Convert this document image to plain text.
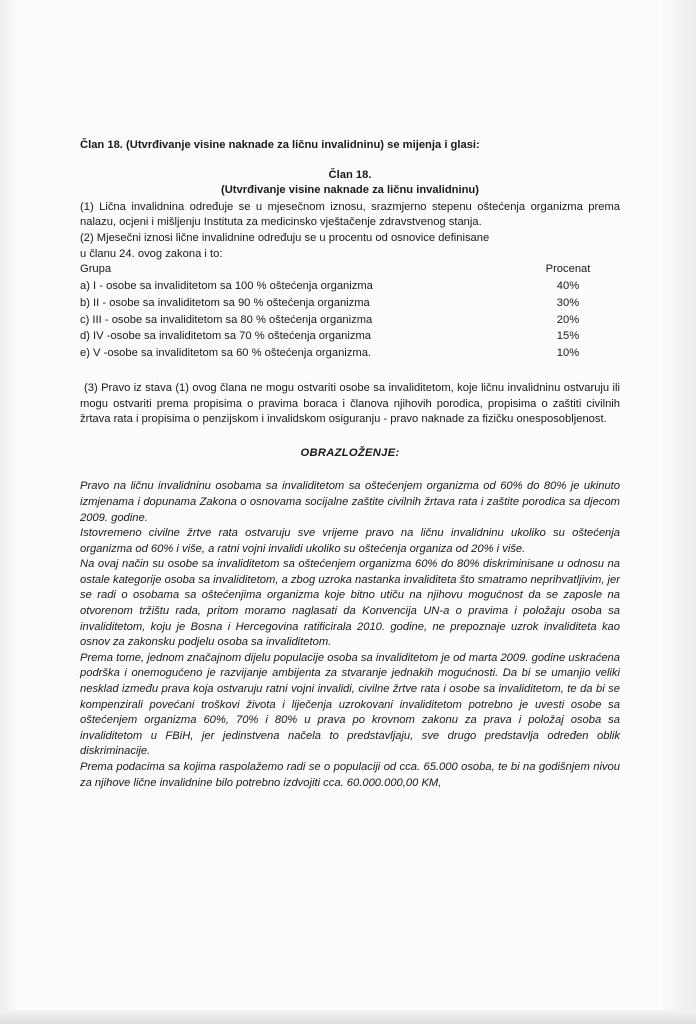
Član 18. (Utvrđivanje visine naknade za ličnu invalidninu) se mijenja i glasi:

Član 18.

(Utvrđivanje visine naknade za ličnu invalidninu)

(1) Lična invalidnina određuje se u mjesečnom iznosu, srazmjerno stepenu oštećenja organizma prema nalazu, ocjeni i mišljenju Instituta za medicinsko vještačenje zdravstvenog stanja.

(2) Mjesečni iznosi lične invalidnine određuju se u procentu od osnovice definisane
u članu 24. ovog zakona i to:

Grupa	Procenat
a) I - osobe sa invaliditetom sa 100 % oštećenja organizma	40%
b) II - osobe sa invaliditetom sa 90 % oštećenja organizma	30%
c) III - osobe sa invaliditetom sa 80 % oštećenja organizma	20%
d) IV -osobe sa invaliditetom sa 70 % oštećenja organizma	15%
e) V -osobe sa invaliditetom sa 60 % oštećenja organizma.	10%

(3) Pravo iz stava (1) ovog člana ne mogu ostvariti osobe sa invaliditetom, koje ličnu invalidninu ostvaruju ili mogu ostvariti prema propisima o pravima boraca i članova njihovih porodica, propisima o zaštiti civilnih žrtava rata i propisima o penzijskom i invalidskom osiguranju - pravo naknade za fizičku onesposobljenost.

OBRAZLOŽENJE:

Pravo na ličnu invalidninu osobama sa invaliditetom sa oštećenjem organizma od 60% do 80% je ukinuto izmjenama i dopunama Zakona o osnovama socijalne zaštite civilnih žrtava rata i zaštite porodica sa djecom 2009. godine.

Istovremeno civilne žrtve rata ostvaruju sve vrijeme pravo na ličnu invalidninu ukoliko su oštećenja organizma od 60% i više, a ratni vojni invalidi ukoliko su oštećenja organiza od 20% i više.

Na ovaj način su osobe sa invaliditetom sa oštećenjem organizma 60% do 80% diskriminisane u odnosu na ostale kategorije osoba sa invaliditetom, a zbog uzroka nastanka invaliditeta što smatramo neprihvatljivim, jer se radi o osobama sa oštećenjima organizma koje bitno utiču na njihovu mogućnost da se zaposle na otvorenom tržištu rada, pritom moramo naglasati da Konvencija UN-a o pravima i položaju osoba sa invaliditetom, koju je Bosna i Hercegovina ratificirala 2010. godine, ne prepoznaje uzrok invaliditeta kao osnov za zakonsku podjelu osoba sa invaliditetom.

Prema tome, jednom značajnom dijelu populacije osoba sa invaliditetom je od marta 2009. godine uskraćena podrška i onemogućeno je razvijanje ambijenta za stvaranje jednakih mogućnosti. Da bi se umanjio veliki nesklad između prava koja ostvaruju ratni vojni invalidi, civilne žrtve rata i osobe sa invaliditetom, te da bi se kompenzirali povećani troškovi života i liječenja uzrokovani invaliditetom potrebno je uvesti osobe sa oštećenjem organizma 60%, 70% i 80% u prava po krovnom zakonu za prava i položaj osoba sa invaliditetom u FBiH, jer jedinstvena načela to predstavljaju, sve drugo predstavlja određen oblik diskriminacije.

Prema podacima sa kojima raspolažemo radi se o populaciji od cca. 65.000 osoba, te bi na godišnjem nivou za njihove lične invalidnine bilo potrebno izdvojiti cca. 60.000.000,00 KM,
